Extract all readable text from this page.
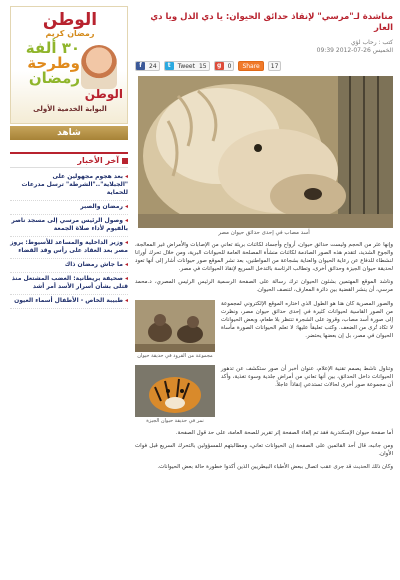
الوطن
رمضان كريم
٣٠ ألفة
وطرحة
رمضان
الوطن
البوابة الخدمية الأولى
شاهد
آخر الأخبار
◂بعد هجوم مجهولين على "الجبلاية".."الشرطة" ترسل مدرعات للحماية
◂رمضان والصبر
◂وصول الرئيس مرسي إلى مسجد ناصر بالفيوم لأداء صلاة الجمعة
◂وزير الداخلية والمساعد للأسيوط: بروز مصر بعد العقاد على رأس وقد القضاء
◂ما جاش رمضان ذاك
◂صحيفة بريطانية: الغضب المشتعل منذ قتلى بشأن أسرار الأسد أمر أشد
◂طبيبة الخاص - الأطفال أسماء العيون
مناشدة لـ"مرسي" لإنقاذ حدائق الحيوان: يا دي الذل ويا دي العار
كتب : رحاب لؤي
الخميس 26-07-2012 09:39
f	24	t	Tweet 15	g	0	Share	17
أسد مصاب في إحدى حدائق حيوان مصر

وإنها عثر من الحجم وليست حدائق حيوان، أرواح وأجساد لكائنات بريئة تعاني من الإصابات والأمراض غير المعالجة، والجوع الشديد، لتقدم هذه الصور الصادمة لكائنات منشأة المصلحة العامة للحيوانات البرية، ومن خلال تحرك أورانا لنشطاء للدفاع عن رعاية الحيوان والعناية بشجاعة من المواطنين، بعد نشر الموقع صور حيوانات أشار إلى أنها تعود لحديقة حيوان الجيزة وحدائق أخرى، وتطالب الرئاسة بالتدخل السريع لإنقاذ الحيوانات في مصر.

وناشد الموقع المهتمين بشئون الحيوان ترك رسالة على الصفحة الرسمية الرئيس الرئيس المصري، د.محمد مرسي، أن ينشر القضية بين دائرة المعارف، لتنصف الحيوان.

والصور المصرية كان هنا هو الطول الذي اختاره الموقع الإلكتروني لمجموعة من الصور القاسية لحيوانات كثيرة في إحدى حدائق حيوان مصر، ونظرت إلى صورة أسد مصاب، وقرود على الشجرة تنتظر بلا طعام، وبعض الحيوانات لا تكاد تُرى من الضعف. وكتب تعليقاً عليها: لا تعلم الحيوانات الصورة مأساة الحيوان في مصر، بل إن بعضها يحتضر.

مجموعة من القرود في حديقة حيوان

وتناول ناشط يصمم تقنية الإعلام، عنوان أخبر أن صور ستكشف عن تدهور الحيوانات داخل الحدائق، بين أنها تعاني من أمراض جلدية وسوء تغذية، وأكد أن مجموعة صور أخرى لحالات تستدعي إنقاذاً عاجلاً.

نمر في حديقة حيوان الجيزة

أما صفحة حيوان الإسكندرية فقد تم إلغاء الصفحة إثر تقرير للصحة العامة، على حد قول الصفحة.

ومن جانبه، قال أحد القائمين على الصفحة إن الحيوانات تعاني، ومطالبتهم للمسؤولين بالتحرك السريع قبل فوات الأوان.

وكان ذلك الحديث قد جرى عقب اتصال ببعض الأطباء البيطريين الذين أكدوا خطورة حالة بعض الحيوانات.
